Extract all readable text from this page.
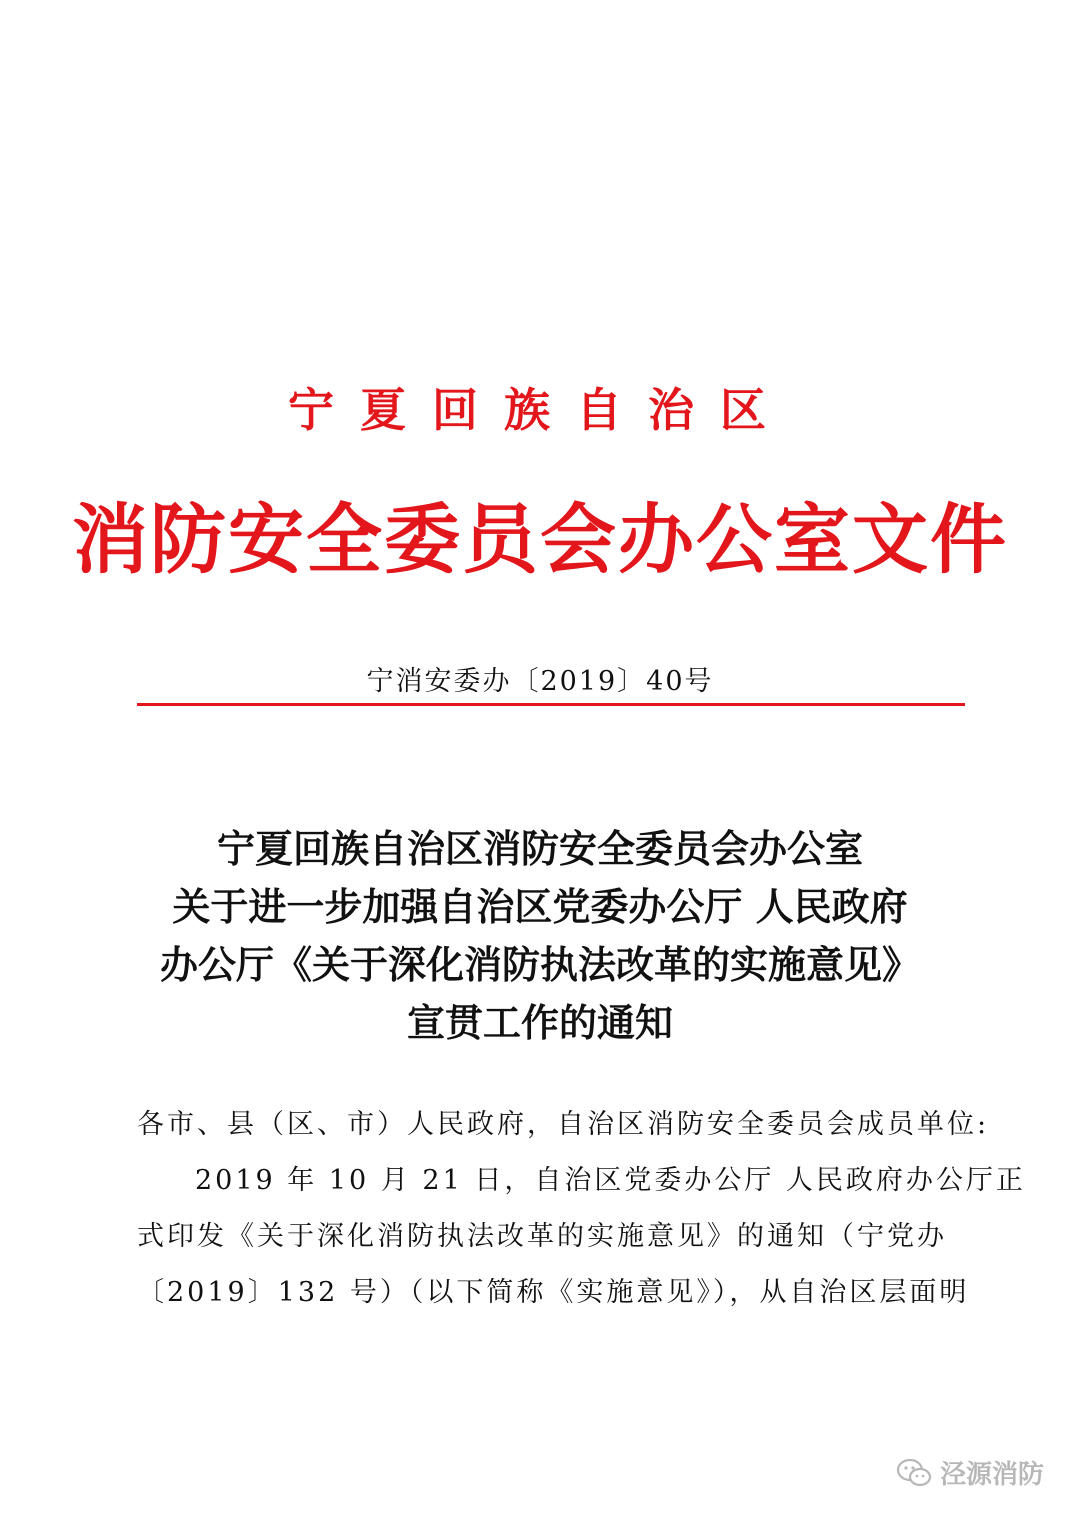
宁夏回族自治区
消防安全委员会办公室文件
宁消安委办〔2019〕40号
宁夏回族自治区消防安全委员会办公室
关于进一步加强自治区党委办公厅 人民政府
办公厅《关于深化消防执法改革的实施意见》
宣贯工作的通知
各市、县（区、市）人民政府，自治区消防安全委员会成员单位:
2019 年 10 月 21 日，自治区党委办公厅 人民政府办公厅正
式印发《关于深化消防执法改革的实施意见》的通知（宁党办
〔2019〕132 号）（以下简称《实施意见》），从自治区层面明
泾源消防
